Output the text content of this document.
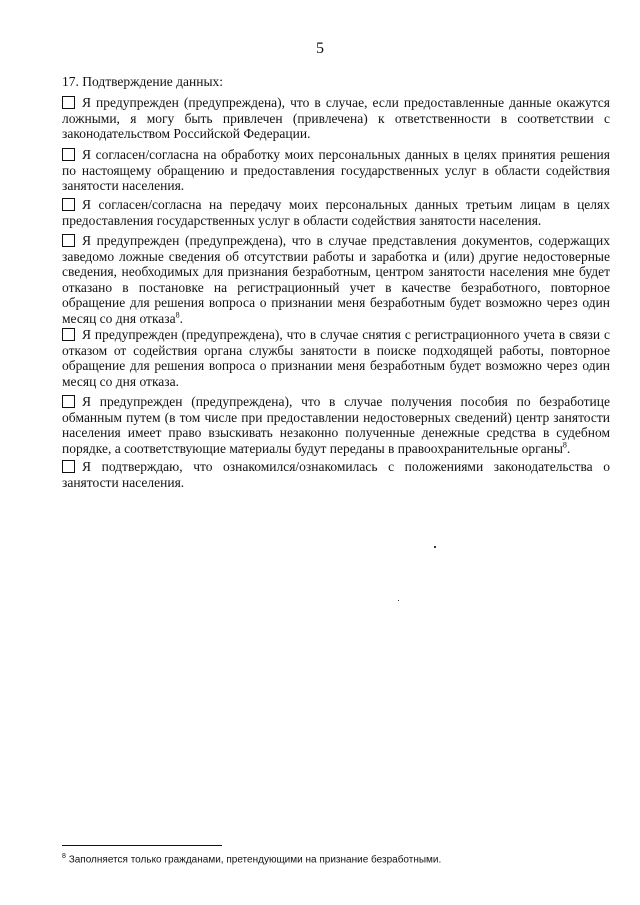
5
17. Подтверждение данных:
Я предупрежден (предупреждена), что в случае, если предоставленные данные окажутся ложными, я могу быть привлечен (привлечена) к ответственности в соответствии с законодательством Российской Федерации.
Я согласен/согласна на обработку моих персональных данных в целях принятия решения по настоящему обращению и предоставления государственных услуг в области содействия занятости населения.
Я согласен/согласна на передачу моих персональных данных третьим лицам в целях предоставления государственных услуг в области содействия занятости населения.
Я предупрежден (предупреждена), что в случае представления документов, содержащих заведомо ложные сведения об отсутствии работы и заработка и (или) другие недостоверные сведения, необходимых для признания безработным, центром занятости населения мне будет отказано в постановке на регистрационный учет в качестве безработного, повторное обращение для решения вопроса о признании меня безработным будет возможно через один месяц со дня отказа$^8$.
Я предупрежден (предупреждена), что в случае снятия с регистрационного учета в связи с отказом от содействия органа службы занятости в поиске подходящей работы, повторное обращение для решения вопроса о признании меня безработным будет возможно через один месяц со дня отказа.
Я предупрежден (предупреждена), что в случае получения пособия по безработице обманным путем (в том числе при предоставлении недостоверных сведений) центр занятости населения имеет право взыскивать незаконно полученные денежные средства в судебном порядке, а соответствующие материалы будут переданы в правоохранительные органы$^8$.
Я подтверждаю, что ознакомился/ознакомилась с положениями законодательства о занятости населения.
$^8$ Заполняется только гражданами, претендующими на признание безработными.
